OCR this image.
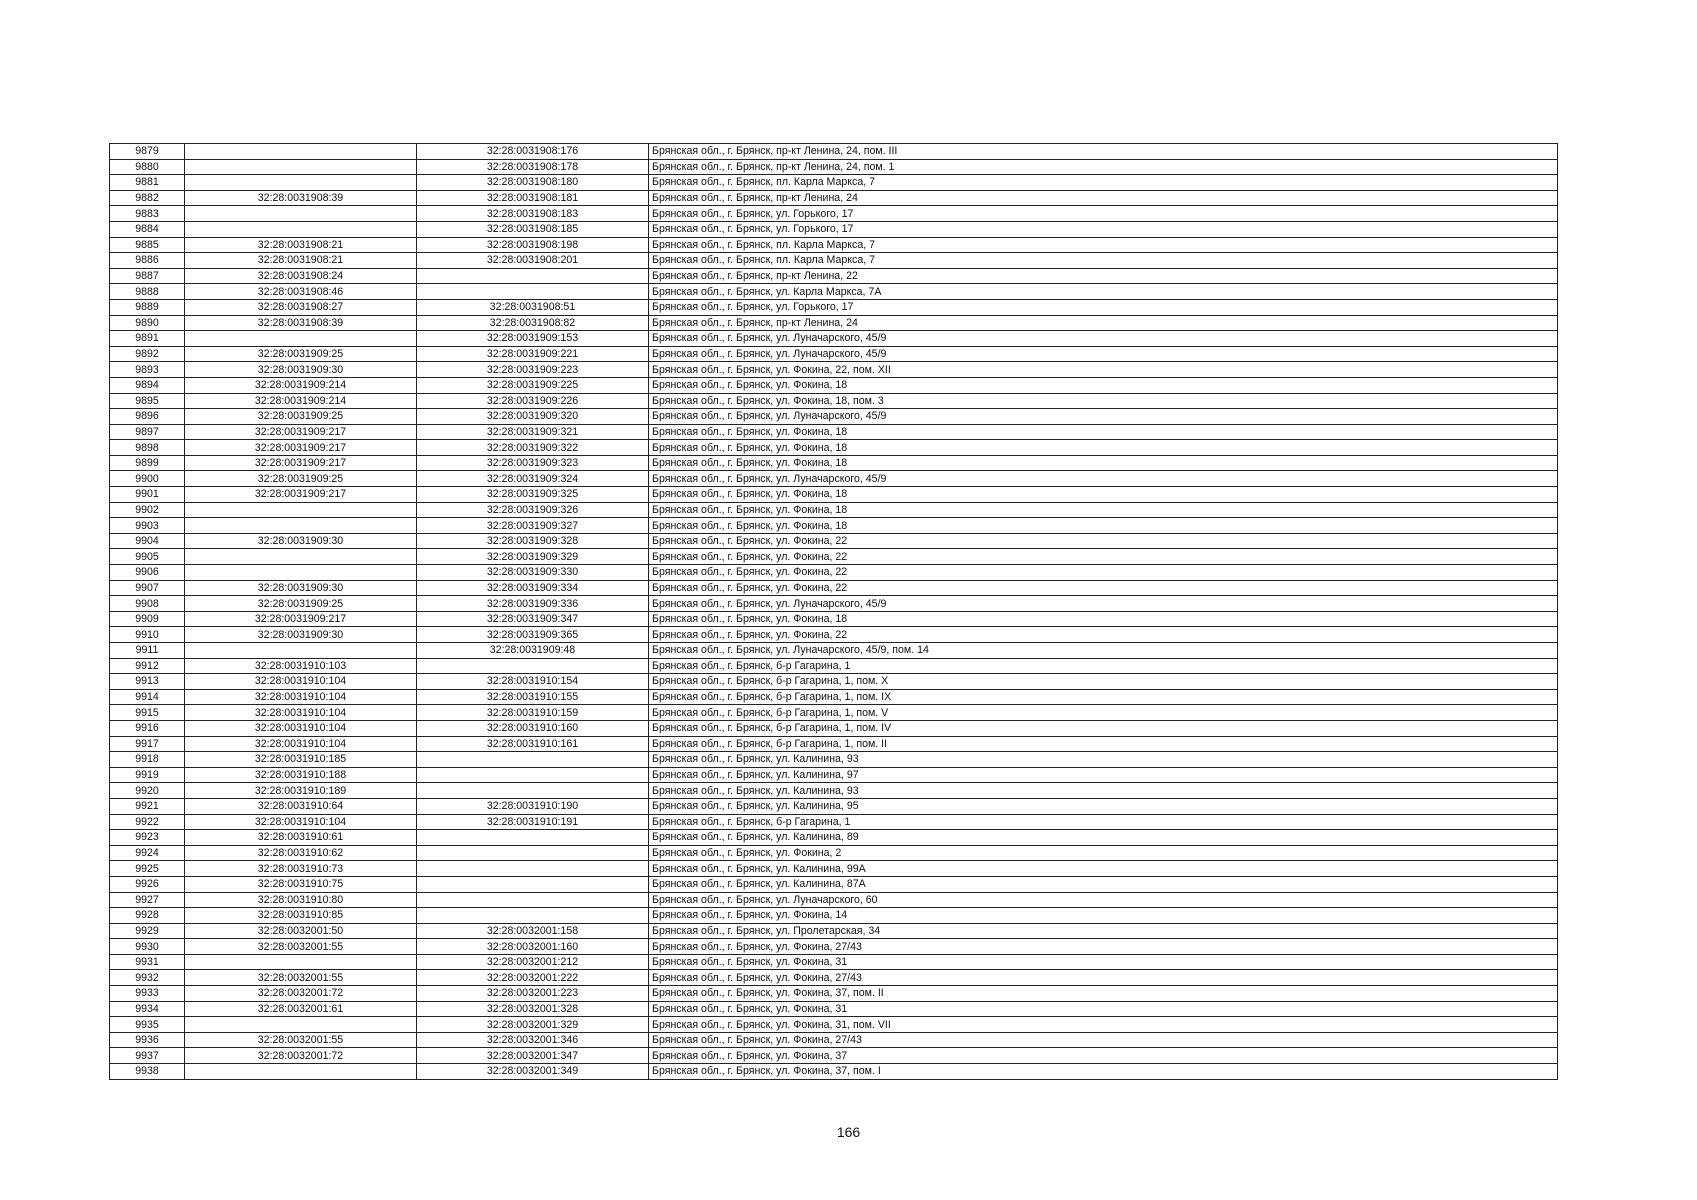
9879		32:28:0031908:176	Брянская обл., г. Брянск, пр-кт Ленина, 24, пом. III
9880		32:28:0031908:178	Брянская обл., г. Брянск, пр-кт Ленина, 24, пом. 1
9881		32:28:0031908:180	Брянская обл., г. Брянск, пл. Карла Маркса, 7
9882	32:28:0031908:39	32:28:0031908:181	Брянская обл., г. Брянск, пр-кт Ленина, 24
9883		32:28:0031908:183	Брянская обл., г. Брянск, ул. Горького, 17
9884		32:28:0031908:185	Брянская обл., г. Брянск, ул. Горького, 17
9885	32:28:0031908:21	32:28:0031908:198	Брянская обл., г. Брянск, пл. Карла Маркса, 7
9886	32:28:0031908:21	32:28:0031908:201	Брянская обл., г. Брянск, пл. Карла Маркса, 7
9887	32:28:0031908:24		Брянская обл., г. Брянск, пр-кт Ленина, 22
9888	32:28:0031908:46		Брянская обл., г. Брянск, ул. Карла Маркса, 7А
9889	32:28:0031908:27	32:28:0031908:51	Брянская обл., г. Брянск, ул. Горького, 17
9890	32:28:0031908:39	32:28:0031908:82	Брянская обл., г. Брянск, пр-кт Ленина, 24
9891		32:28:0031909:153	Брянская обл., г. Брянск, ул. Луначарского, 45/9
9892	32:28:0031909:25	32:28:0031909:221	Брянская обл., г. Брянск, ул. Луначарского, 45/9
9893	32:28:0031909:30	32:28:0031909:223	Брянская обл., г. Брянск, ул. Фокина, 22, пом. XII
9894	32:28:0031909:214	32:28:0031909:225	Брянская обл., г. Брянск, ул. Фокина, 18
9895	32:28:0031909:214	32:28:0031909:226	Брянская обл., г. Брянск, ул. Фокина, 18, пом. 3
9896	32:28:0031909:25	32:28:0031909:320	Брянская обл., г. Брянск, ул. Луначарского, 45/9
9897	32:28:0031909:217	32:28:0031909:321	Брянская обл., г. Брянск, ул. Фокина, 18
9898	32:28:0031909:217	32:28:0031909:322	Брянская обл., г. Брянск, ул. Фокина, 18
9899	32:28:0031909:217	32:28:0031909:323	Брянская обл., г. Брянск, ул. Фокина, 18
9900	32:28:0031909:25	32:28:0031909:324	Брянская обл., г. Брянск, ул. Луначарского, 45/9
9901	32:28:0031909:217	32:28:0031909:325	Брянская обл., г. Брянск, ул. Фокина, 18
9902		32:28:0031909:326	Брянская обл., г. Брянск, ул. Фокина, 18
9903		32:28:0031909:327	Брянская обл., г. Брянск, ул. Фокина, 18
9904	32:28:0031909:30	32:28:0031909:328	Брянская обл., г. Брянск, ул. Фокина, 22
9905		32:28:0031909:329	Брянская обл., г. Брянск, ул. Фокина, 22
9906		32:28:0031909:330	Брянская обл., г. Брянск, ул. Фокина, 22
9907	32:28:0031909:30	32:28:0031909:334	Брянская обл., г. Брянск, ул. Фокина, 22
9908	32:28:0031909:25	32:28:0031909:336	Брянская обл., г. Брянск, ул. Луначарского, 45/9
9909	32:28:0031909:217	32:28:0031909:347	Брянская обл., г. Брянск, ул. Фокина, 18
9910	32:28:0031909:30	32:28:0031909:365	Брянская обл., г. Брянск, ул. Фокина, 22
9911		32:28:0031909:48	Брянская обл., г. Брянск, ул. Луначарского, 45/9, пом. 14
9912	32:28:0031910:103		Брянская обл., г. Брянск, б-р Гагарина, 1
9913	32:28:0031910:104	32:28:0031910:154	Брянская обл., г. Брянск, б-р Гагарина, 1, пом. X
9914	32:28:0031910:104	32:28:0031910:155	Брянская обл., г. Брянск, б-р Гагарина, 1, пом. IX
9915	32:28:0031910:104	32:28:0031910:159	Брянская обл., г. Брянск, б-р Гагарина, 1, пом. V
9916	32:28:0031910:104	32:28:0031910:160	Брянская обл., г. Брянск, б-р Гагарина, 1, пом. IV
9917	32:28:0031910:104	32:28:0031910:161	Брянская обл., г. Брянск, б-р Гагарина, 1, пом. II
9918	32:28:0031910:185		Брянская обл., г. Брянск, ул. Калинина, 93
9919	32:28:0031910:188		Брянская обл., г. Брянск, ул. Калинина, 97
9920	32:28:0031910:189		Брянская обл., г. Брянск, ул. Калинина, 93
9921	32:28:0031910:64	32:28:0031910:190	Брянская обл., г. Брянск, ул. Калинина, 95
9922	32:28:0031910:104	32:28:0031910:191	Брянская обл., г. Брянск, б-р Гагарина, 1
9923	32:28:0031910:61		Брянская обл., г. Брянск, ул. Калинина, 89
9924	32:28:0031910:62		Брянская обл., г. Брянск, ул. Фокина, 2
9925	32:28:0031910:73		Брянская обл., г. Брянск, ул. Калинина, 99А
9926	32:28:0031910:75		Брянская обл., г. Брянск, ул. Калинина, 87А
9927	32:28:0031910:80		Брянская обл., г. Брянск, ул. Луначарского, 60
9928	32:28:0031910:85		Брянская обл., г. Брянск, ул. Фокина, 14
9929	32:28:0032001:50	32:28:0032001:158	Брянская обл., г. Брянск, ул. Пролетарская, 34
9930	32:28:0032001:55	32:28:0032001:160	Брянская обл., г. Брянск, ул. Фокина, 27/43
9931		32:28:0032001:212	Брянская обл., г. Брянск, ул. Фокина, 31
9932	32:28:0032001:55	32:28:0032001:222	Брянская обл., г. Брянск, ул. Фокина, 27/43
9933	32:28:0032001:72	32:28:0032001:223	Брянская обл., г. Брянск, ул. Фокина, 37, пом. II
9934	32:28:0032001:61	32:28:0032001:328	Брянская обл., г. Брянск, ул. Фокина, 31
9935		32:28:0032001:329	Брянская обл., г. Брянск, ул. Фокина, 31, пом. VII
9936	32:28:0032001:55	32:28:0032001:346	Брянская обл., г. Брянск, ул. Фокина, 27/43
9937	32:28:0032001:72	32:28:0032001:347	Брянская обл., г. Брянск, ул. Фокина, 37
9938		32:28:0032001:349	Брянская обл., г. Брянск, ул. Фокина, 37, пом. I
166
